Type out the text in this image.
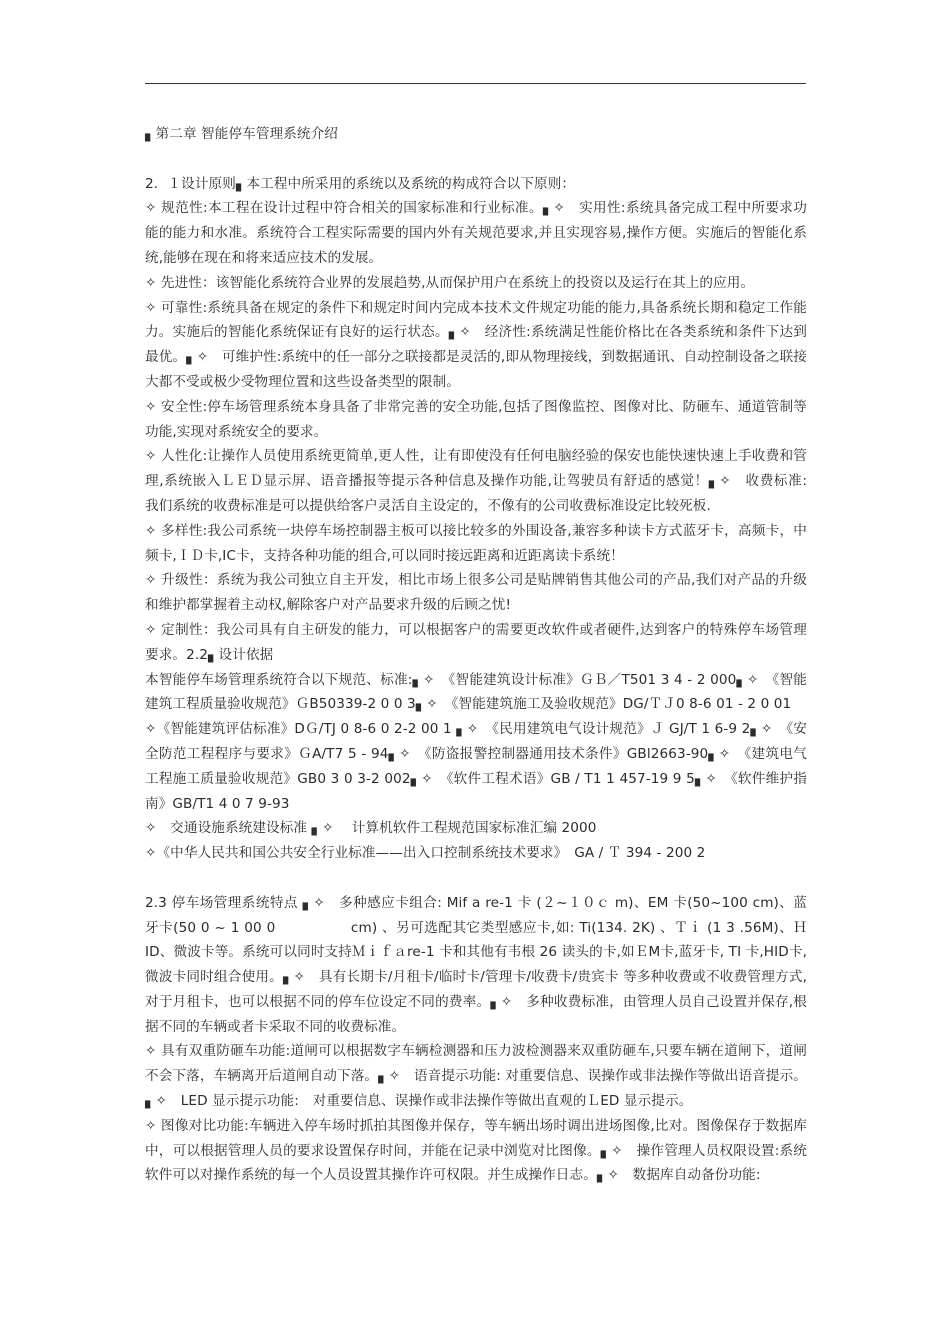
▖第二章 智能停车管理系统介绍

2．１设计原则▖本工程中所采用的系统以及系统的构成符合以下原则：

✧ 规范性:本工程在设计过程中符合相关的国家标准和行业标准。▖✧　实用性:系统具备完成工程中所要求功能的能力和水准。系统符合工程实际需要的国内外有关规范要求,并且实现容易,操作方便。实施后的智能化系统,能够在现在和将来适应技术的发展。

✧ 先进性：该智能化系统符合业界的发展趋势,从而保护用户在系统上的投资以及运行在其上的应用。

✧ 可靠性:系统具备在规定的条件下和规定时间内完成本技术文件规定功能的能力,具备系统长期和稳定工作能力。实施后的智能化系统保证有良好的运行状态。▖✧　经济性:系统满足性能价格比在各类系统和条件下达到最优。▖✧　可维护性:系统中的任一部分之联接都是灵活的,即从物理接线，到数据通讯、自动控制设备之联接大都不受或极少受物理位置和这些设备类型的限制。

✧ 安全性:停车场管理系统本身具备了非常完善的安全功能,包括了图像监控、图像对比、防砸车、通道管制等功能,实现对系统安全的要求。

✧ 人性化:让操作人员使用系统更简单,更人性，让有即使没有任何电脑经验的保安也能快速快速上手收费和管理,系统嵌入ＬＥＤ显示屏、语音播报等提示各种信息及操作功能,让驾驶员有舒适的感觉！▖✧　收费标准:　 我们系统的收费标准是可以提供给客户灵活自主设定的，不像有的公司收费标准设定比较死板.

✧ 多样性:我公司系统一块停车场控制器主板可以接比较多的外围设备,兼容多种读卡方式蓝牙卡，高频卡，中频卡,ＩＤ卡,IC卡，支持各种功能的组合,可以同时接远距离和近距离读卡系统！

✧ 升级性：系统为我公司独立自主开发，相比市场上很多公司是贴牌销售其他公司的产品,我们对产品的升级和维护都掌握着主动权,解除客户对产品要求升级的后顾之忧!

✧ 定制性：我公司具有自主研发的能力，可以根据客户的需要更改软件或者硬件,达到客户的特殊停车场管理要求。2.2▖设计依据

本智能停车场管理系统符合以下规范、标准:▖✧　《智能建筑设计标准》ＧＢ／T501 3 4 - 2 000▖✧　《智能建筑工程质量验收规范》ＧB50339-2 0 0 3▖✧　《智能建筑施工及验收规范》DG/ＴＪ0 8-6 01 - 2 0 01

✧《智能建筑评估标准》DＧ/TJ 0 8-6 0 2-2 00 1 ▖✧　《民用建筑电气设计规范》Ｊ GJ/T 1 6-9 2▖✧　《安全防范工程程序与要求》ＧA/T7 5 - 94▖✧　《防盗报警控制器通用技术条件》GBl2663-90▖✧　《建筑电气工程施工质量验收规范》GB0 3 0 3-2 002▖✧　《软件工程术语》GB / T1 1 457-19 9 5▖✧　《软件维护指南》GB/T1 4 0 7 9-93

✧　交通设施系统建设标准 ▖✧　 计算机软件工程规范国家标准汇编 2000

✧《中华人民共和国公共安全行业标准——出入口控制系统技术要求》　GA / Ｔ 394 - 200 2

2.3 停车场管理系统特点 ▖✧　多种感应卡组合: Mif a re-1 卡 (２~１０ｃ m)、EM 卡(50~100 cm)、蓝牙卡(50 0 ~ 1 00 0　　　　　 cm) 、另可选配其它类型感应卡,如: Ti(134. 2K) 、Ｔｉ (1 3 .56M)、ＨID、微波卡等。系统可以同时支持Ｍｉｆａre-1 卡和其他有韦根 26 读头的卡,如ＥM卡,蓝牙卡, TI 卡,HID卡,微波卡同时组合使用。▖✧　具有长期卡/月租卡/临时卡/管理卡/收费卡/贵宾卡 等多种收费或不收费管理方式,对于月租卡，也可以根据不同的停车位设定不同的费率。▖✧　多种收费标准，由管理人员自己设置并保存,根据不同的车辆或者卡采取不同的收费标准。

✧ 具有双重防砸车功能:道闸可以根据数字车辆检测器和压力波检测器来双重防砸车,只要车辆在道闸下，道闸不会下落，车辆离开后道闸自动下落。▖✧　语音提示功能: 对重要信息、误操作或非法操作等做出语音提示。▖✧　LED 显示提示功能:　对重要信息、误操作或非法操作等做出直观的ＬED 显示提示。

✧ 图像对比功能:车辆进入停车场时抓拍其图像并保存，等车辆出场时调出进场图像,比对。图像保存于数据库中，可以根据管理人员的要求设置保存时间，并能在记录中浏览对比图像。▖✧　操作管理人员权限设置:系统软件可以对操作系统的每一个人员设置其操作许可权限。并生成操作日志。▖✧　数据库自动备份功能:
